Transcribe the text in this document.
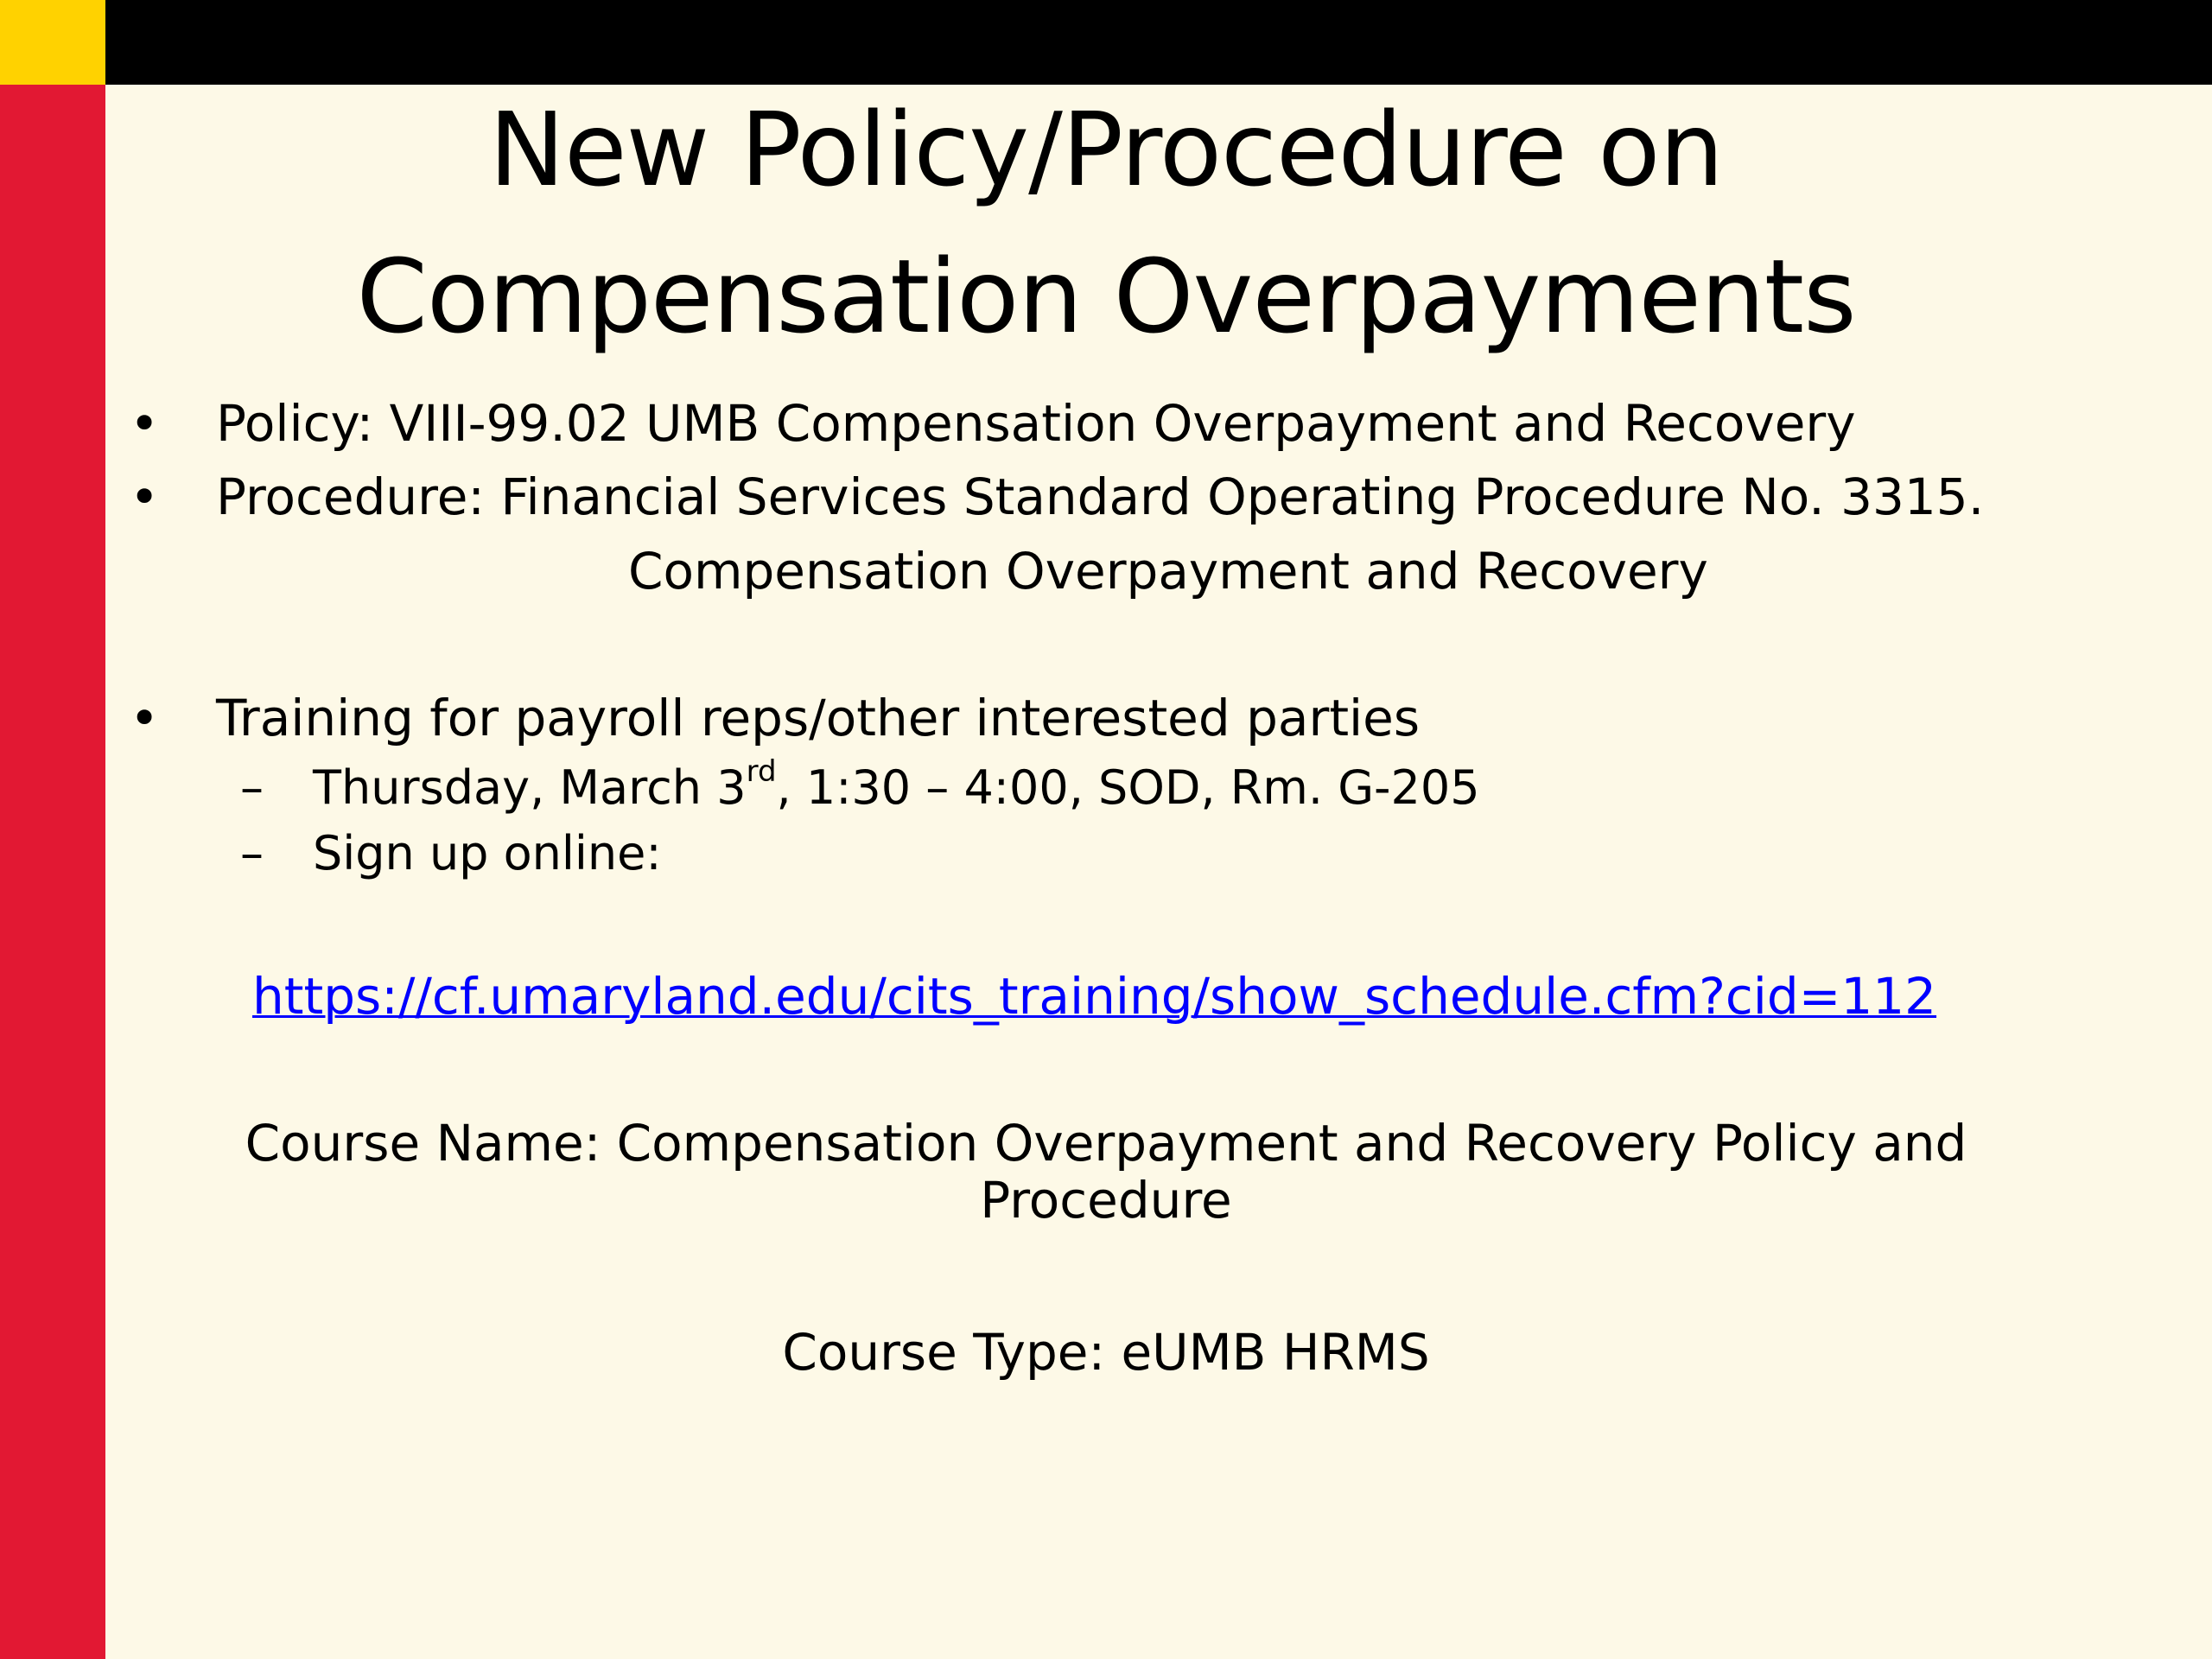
New Policy/Procedure on
Compensation Overpayments
• Policy: VIII-99.02 UMB Compensation Overpayment and Recovery
• Procedure: Financial Services Standard Operating Procedure No. 3315.
Compensation Overpayment and Recovery
• Training for payroll reps/other interested parties
– Thursday, March 3rd, 1:30 – 4:00, SOD, Rm. G-205
– Sign up online:
https://cf.umaryland.edu/cits_training/show_schedule.cfm?cid=112
Course Name: Compensation Overpayment and Recovery Policy and Procedure
Course Type: eUMB HRMS
